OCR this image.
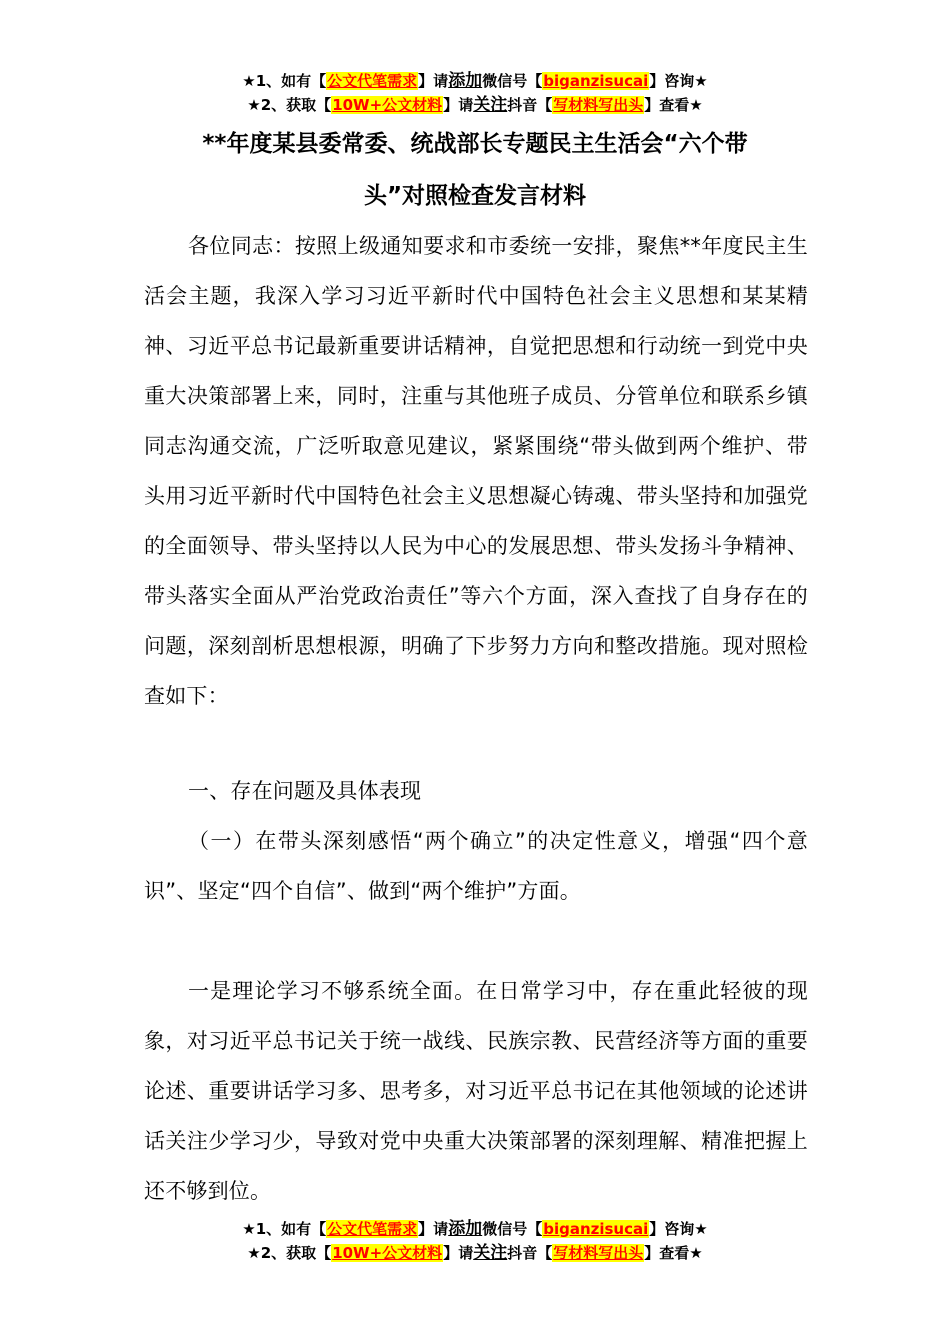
★1、如有【公文代笔需求】请添加微信号【biganzisucai】咨询★
★2、获取【10W+公文材料】请关注抖音【写材料写出头】查看★
**年度某县委常委、统战部长专题民主生活会“六个带
头”对照检查发言材料

各位同志：按照上级通知要求和市委统一安排，聚焦**年度民主生活会主题，我深入学习习近平新时代中国特色社会主义思想和某某精神、习近平总书记最新重要讲话精神，自觉把思想和行动统一到党中央重大决策部署上来，同时，注重与其他班子成员、分管单位和联系乡镇同志沟通交流，广泛听取意见建议，紧紧围绕“带头做到两个维护、带头用习近平新时代中国特色社会主义思想凝心铸魂、带头坚持和加强党的全面领导、带头坚持以人民为中心的发展思想、带头发扬斗争精神、带头落实全面从严治党政治责任”等六个方面，深入查找了自身存在的问题，深刻剖析思想根源，明确了下步努力方向和整改措施。现对照检查如下：

一、存在问题及具体表现

（一）在带头深刻感悟“两个确立”的决定性意义，增强“四个意识”、坚定“四个自信”、做到“两个维护”方面。

一是理论学习不够系统全面。在日常学习中，存在重此轻彼的现象，对习近平总书记关于统一战线、民族宗教、民营经济等方面的重要论述、重要讲话学习多、思考多，对习近平总书记在其他领域的论述讲话关注少学习少，导致对党中央重大决策部署的深刻理解、精准把握上还不够到位。

★1、如有【公文代笔需求】请添加微信号【biganzisucai】咨询★
★2、获取【10W+公文材料】请关注抖音【写材料写出头】查看★
